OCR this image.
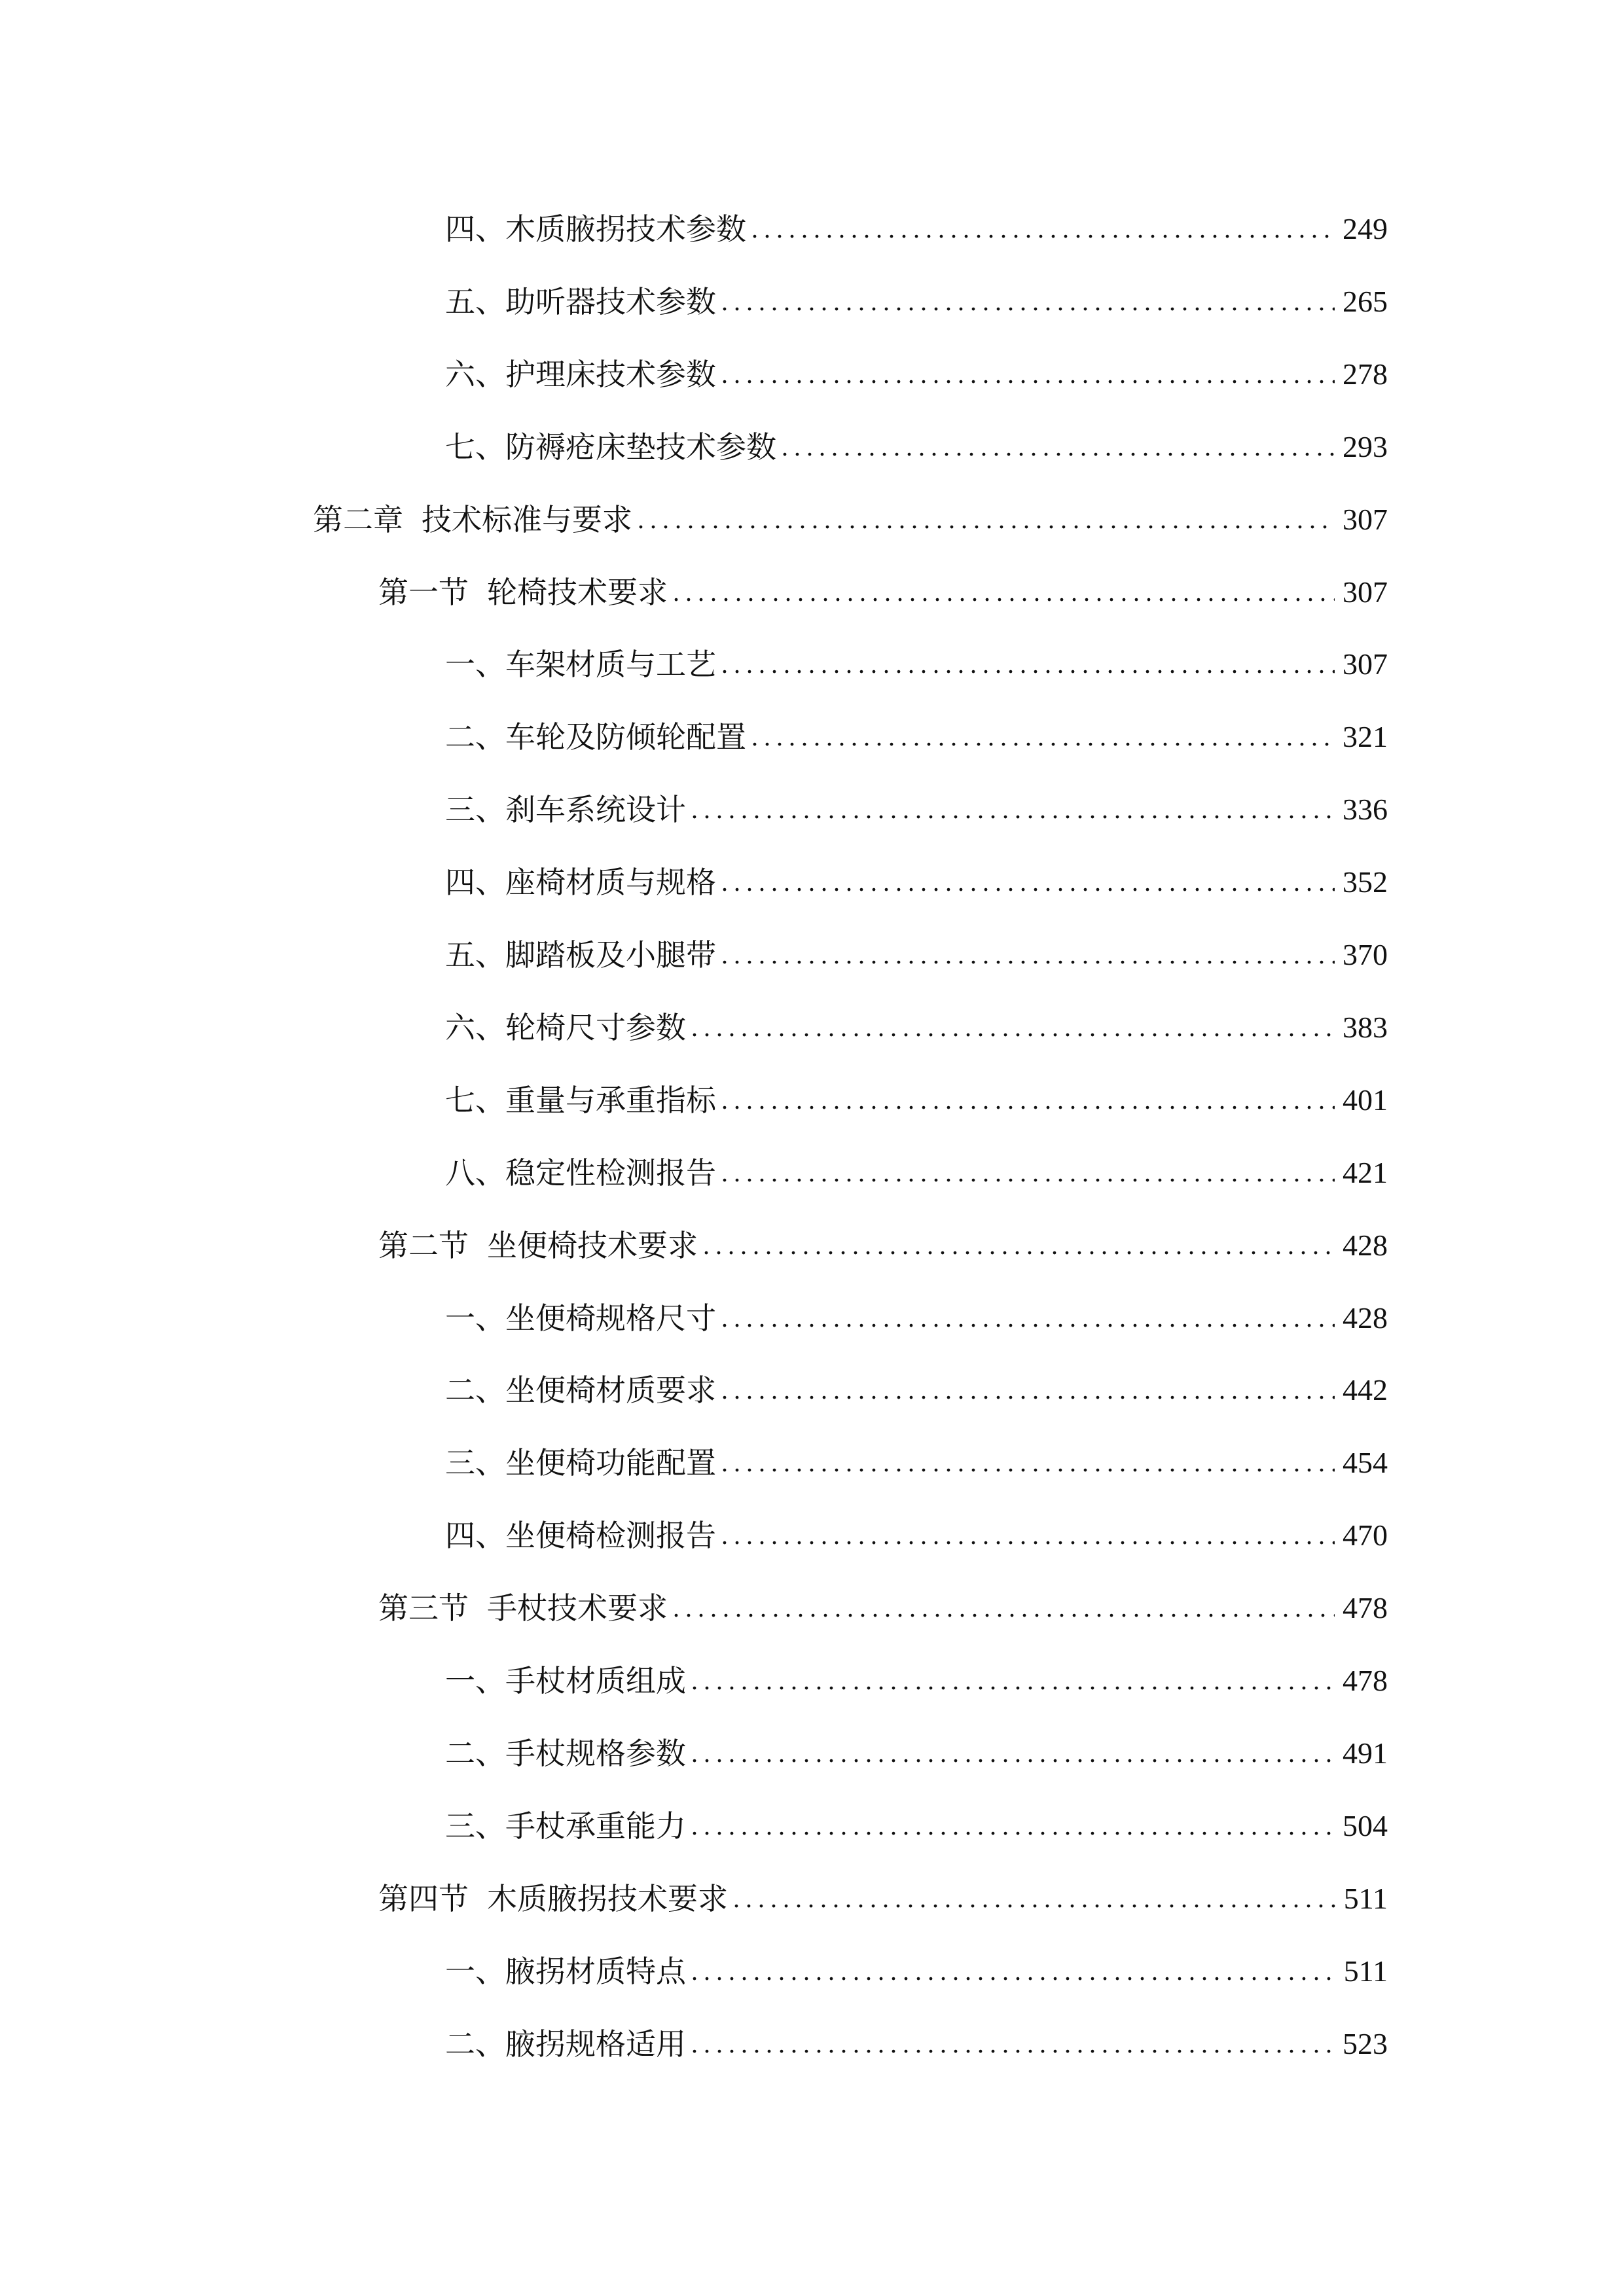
四、 木质腋拐技术参数 .....	249
五、 助听器技术参数 .....	265
六、 护理床技术参数 .....	278
七、 防褥疮床垫技术参数 .....	293
第二章 技术标准与要求 .....	307
第一节 轮椅技术要求 .....	307
一、 车架材质与工艺 .....	307
二、 车轮及防倾轮配置 .....	321
三、 刹车系统设计 .....	336
四、 座椅材质与规格 .....	352
五、 脚踏板及小腿带 .....	370
六、 轮椅尺寸参数 .....	383
七、 重量与承重指标 .....	401
八、 稳定性检测报告 .....	421
第二节 坐便椅技术要求 .....	428
一、 坐便椅规格尺寸 .....	428
二、 坐便椅材质要求 .....	442
三、 坐便椅功能配置 .....	454
四、 坐便椅检测报告 .....	470
第三节 手杖技术要求 .....	478
一、 手杖材质组成 .....	478
二、 手杖规格参数 .....	491
三、 手杖承重能力 .....	504
第四节 木质腋拐技术要求 .....	511
一、 腋拐材质特点 .....	511
二、 腋拐规格适用 .....	523
